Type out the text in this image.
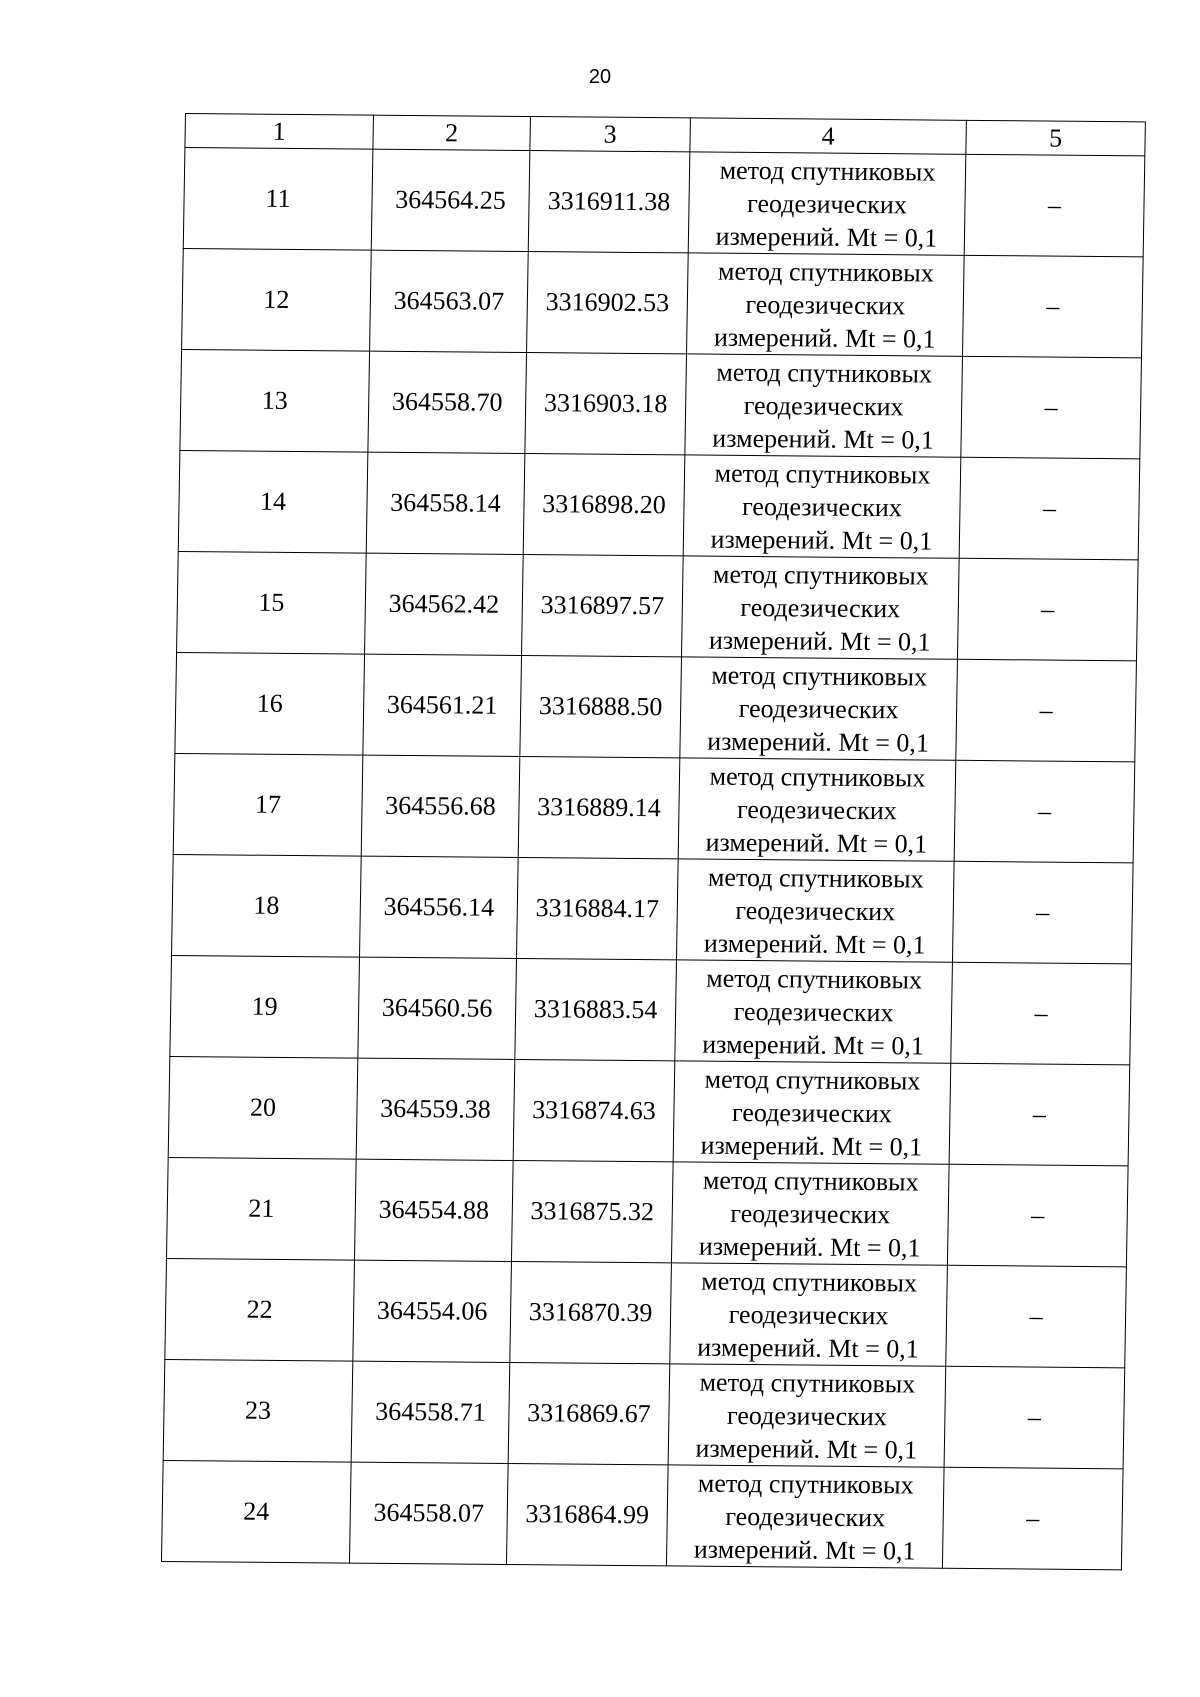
20
1	2	3	4	5
11	364564.25	3316911.38	метод спутниковых геодезических измерений. Mt = 0,1	–
12	364563.07	3316902.53	метод спутниковых геодезических измерений. Mt = 0,1	–
13	364558.70	3316903.18	метод спутниковых геодезических измерений. Mt = 0,1	–
14	364558.14	3316898.20	метод спутниковых геодезических измерений. Mt = 0,1	–
15	364562.42	3316897.57	метод спутниковых геодезических измерений. Mt = 0,1	–
16	364561.21	3316888.50	метод спутниковых геодезических измерений. Mt = 0,1	–
17	364556.68	3316889.14	метод спутниковых геодезических измерений. Mt = 0,1	–
18	364556.14	3316884.17	метод спутниковых геодезических измерений. Mt = 0,1	–
19	364560.56	3316883.54	метод спутниковых геодезических измерений. Mt = 0,1	–
20	364559.38	3316874.63	метод спутниковых геодезических измерений. Mt = 0,1	–
21	364554.88	3316875.32	метод спутниковых геодезических измерений. Mt = 0,1	–
22	364554.06	3316870.39	метод спутниковых геодезических измерений. Mt = 0,1	–
23	364558.71	3316869.67	метод спутниковых геодезических измерений. Mt = 0,1	–
24	364558.07	3316864.99	метод спутниковых геодезических измерений. Mt = 0,1	–
